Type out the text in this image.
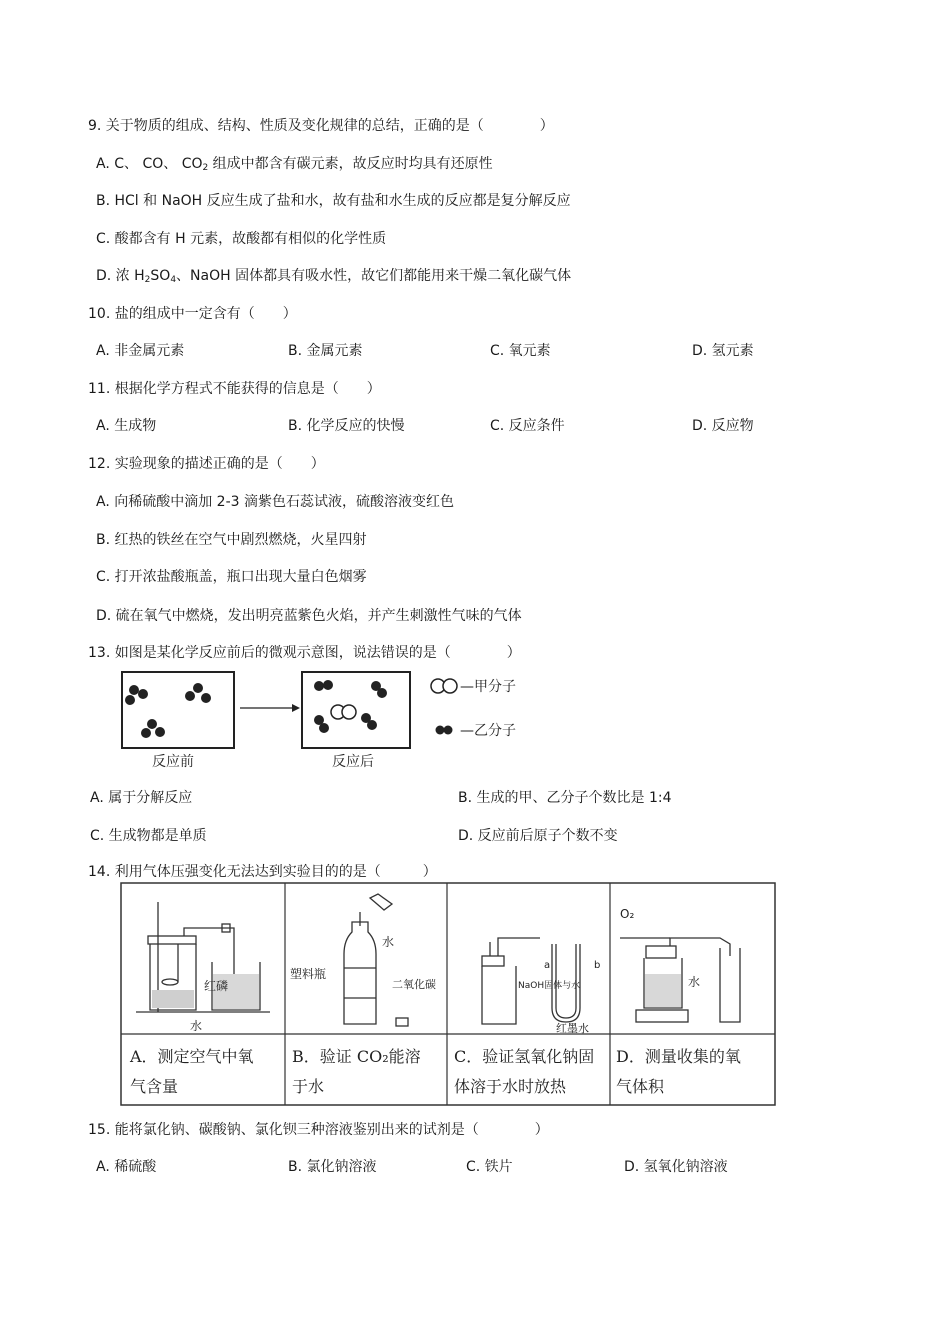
9. 关于物质的组成、结构、性质及变化规律的总结，正确的是（　　　　）
A. C、 CO、 $CO_2$ 组成中都含有碳元素，故反应时均具有还原性
B. HCl 和 NaOH 反应生成了盐和水，故有盐和水生成的反应都是复分解反应
C. 酸都含有 H 元素，故酸都有相似的化学性质
D. 浓 $H_2SO_4$、NaOH 固体都具有吸水性，故它们都能用来干燥二氧化碳气体
10. 盐的组成中一定含有（　　）
A. 非金属元素	B. 金属元素	C. 氧元素	D. 氢元素
11. 根据化学方程式不能获得的信息是（　　）
A. 生成物	B. 化学反应的快慢	C. 反应条件	D. 反应物
12. 实验现象的描述正确的是（　　）
A. 向稀硫酸中滴加 2-3 滴紫色石蕊试液，硫酸溶液变红色
B. 红热的铁丝在空气中剧烈燃烧，火星四射
C. 打开浓盐酸瓶盖，瓶口出现大量白色烟雾
D. 硫在氧气中燃烧，发出明亮蓝紫色火焰，并产生刺激性气味的气体
13. 如图是某化学反应前后的微观示意图，说法错误的是（　　　　）
—甲分子
—乙分子
反应前	反应后
A. 属于分解反应	B. 生成的甲、乙分子个数比是 1:4
C. 生成物都是单质	D. 反应前后原子个数不变
14. 利用气体压强变化无法达到实验目的的是（　　　）
红磷
水
水
塑料瓶
二氧化碳
a	b
NaOH固体与水
红墨水
O₂
水
A．测定空气中氧
气含量
B．验证 CO₂能溶
于水
C．验证氢氧化钠固
体溶于水时放热
D．测量收集的氧
气体积
15. 能将氯化钠、碳酸钠、氯化钡三种溶液鉴别出来的试剂是（　　　　）
A. 稀硫酸	B. 氯化钠溶液	C. 铁片	D. 氢氧化钠溶液
